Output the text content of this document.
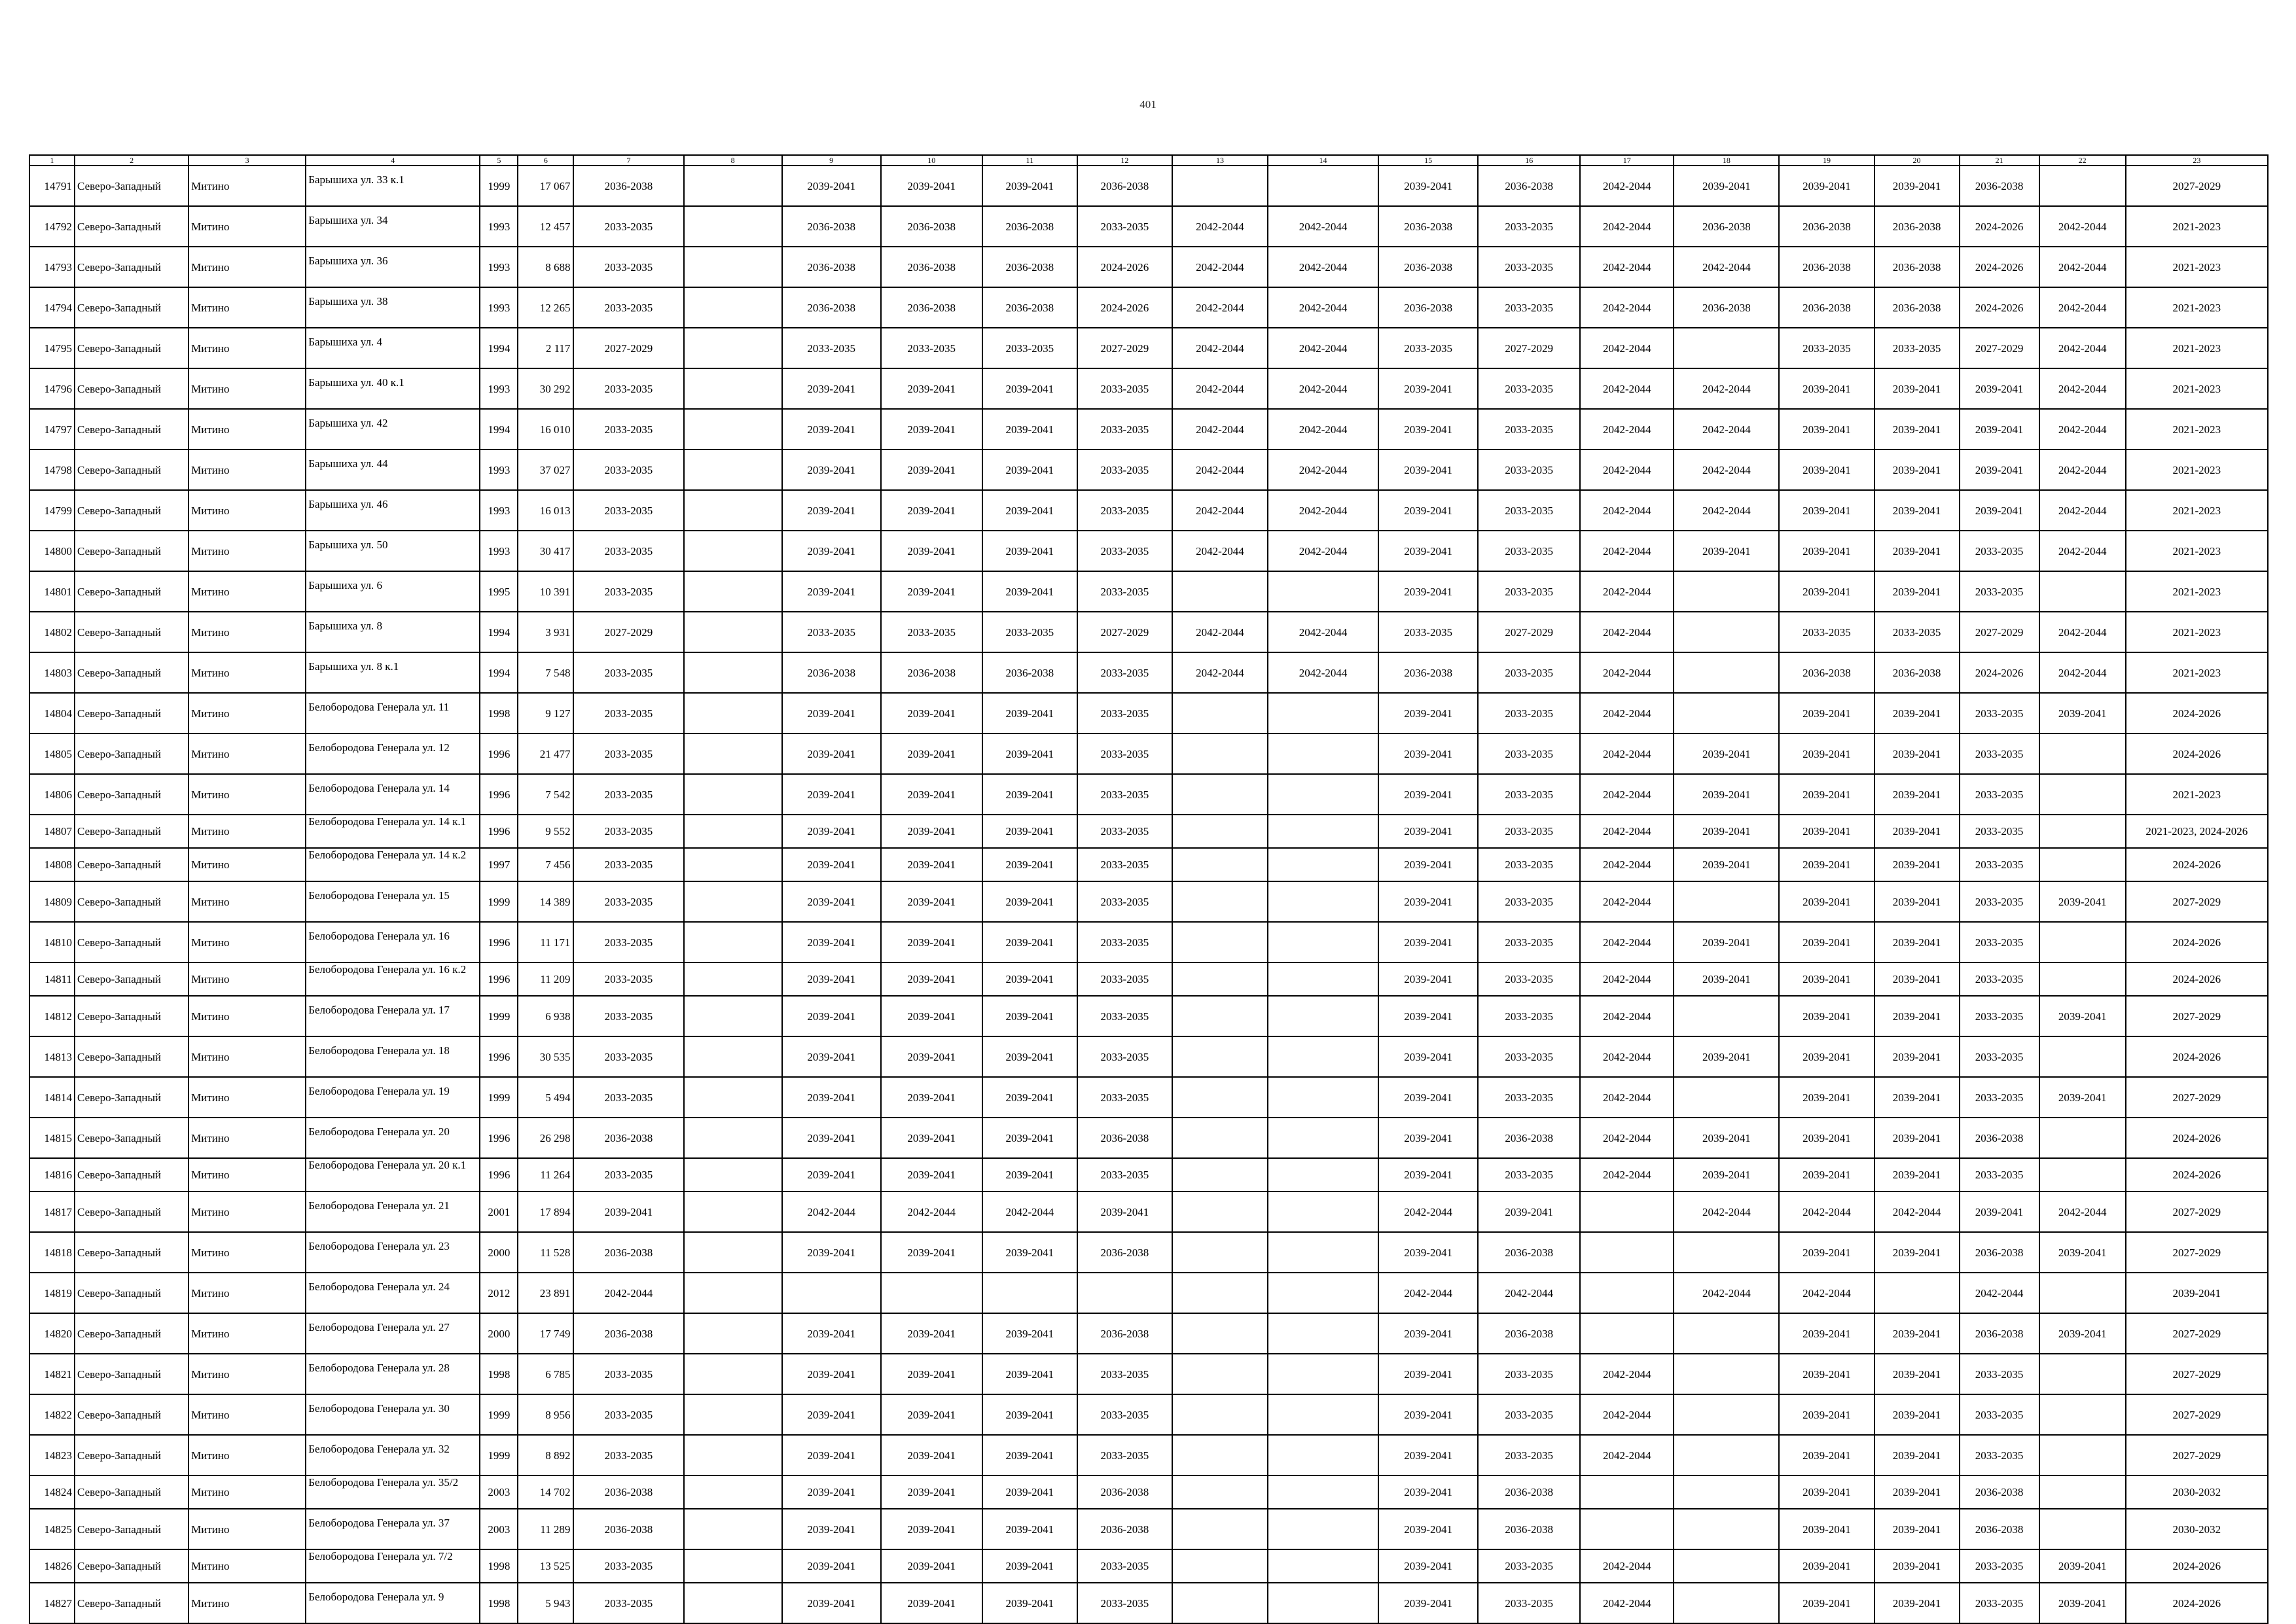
401
1	2	3	4	5	6	7	8	9	10	11	12	13	14	15	16	17	18	19	20	21	22	23
14791	Северо-Западный	Митино	Барышиха ул. 33 к.1	1999	17 067	2036-2038		2039-2041	2039-2041	2039-2041	2036-2038			2039-2041	2036-2038	2042-2044	2039-2041	2039-2041	2039-2041	2036-2038		2027-2029
14792	Северо-Западный	Митино	Барышиха ул. 34	1993	12 457	2033-2035		2036-2038	2036-2038	2036-2038	2033-2035	2042-2044	2042-2044	2036-2038	2033-2035	2042-2044	2036-2038	2036-2038	2036-2038	2024-2026	2042-2044	2021-2023
14793	Северо-Западный	Митино	Барышиха ул. 36	1993	8 688	2033-2035		2036-2038	2036-2038	2036-2038	2024-2026	2042-2044	2042-2044	2036-2038	2033-2035	2042-2044	2042-2044	2036-2038	2036-2038	2024-2026	2042-2044	2021-2023
14794	Северо-Западный	Митино	Барышиха ул. 38	1993	12 265	2033-2035		2036-2038	2036-2038	2036-2038	2024-2026	2042-2044	2042-2044	2036-2038	2033-2035	2042-2044	2036-2038	2036-2038	2036-2038	2024-2026	2042-2044	2021-2023
14795	Северо-Западный	Митино	Барышиха ул. 4	1994	2 117	2027-2029		2033-2035	2033-2035	2033-2035	2027-2029	2042-2044	2042-2044	2033-2035	2027-2029	2042-2044		2033-2035	2033-2035	2027-2029	2042-2044	2021-2023
14796	Северо-Западный	Митино	Барышиха ул. 40 к.1	1993	30 292	2033-2035		2039-2041	2039-2041	2039-2041	2033-2035	2042-2044	2042-2044	2039-2041	2033-2035	2042-2044	2042-2044	2039-2041	2039-2041	2039-2041	2042-2044	2021-2023
14797	Северо-Западный	Митино	Барышиха ул. 42	1994	16 010	2033-2035		2039-2041	2039-2041	2039-2041	2033-2035	2042-2044	2042-2044	2039-2041	2033-2035	2042-2044	2042-2044	2039-2041	2039-2041	2039-2041	2042-2044	2021-2023
14798	Северо-Западный	Митино	Барышиха ул. 44	1993	37 027	2033-2035		2039-2041	2039-2041	2039-2041	2033-2035	2042-2044	2042-2044	2039-2041	2033-2035	2042-2044	2042-2044	2039-2041	2039-2041	2039-2041	2042-2044	2021-2023
14799	Северо-Западный	Митино	Барышиха ул. 46	1993	16 013	2033-2035		2039-2041	2039-2041	2039-2041	2033-2035	2042-2044	2042-2044	2039-2041	2033-2035	2042-2044	2042-2044	2039-2041	2039-2041	2039-2041	2042-2044	2021-2023
14800	Северо-Западный	Митино	Барышиха ул. 50	1993	30 417	2033-2035		2039-2041	2039-2041	2039-2041	2033-2035	2042-2044	2042-2044	2039-2041	2033-2035	2042-2044	2039-2041	2039-2041	2039-2041	2033-2035	2042-2044	2021-2023
14801	Северо-Западный	Митино	Барышиха ул. 6	1995	10 391	2033-2035		2039-2041	2039-2041	2039-2041	2033-2035			2039-2041	2033-2035	2042-2044		2039-2041	2039-2041	2033-2035		2021-2023
14802	Северо-Западный	Митино	Барышиха ул. 8	1994	3 931	2027-2029		2033-2035	2033-2035	2033-2035	2027-2029	2042-2044	2042-2044	2033-2035	2027-2029	2042-2044		2033-2035	2033-2035	2027-2029	2042-2044	2021-2023
14803	Северо-Западный	Митино	Барышиха ул. 8 к.1	1994	7 548	2033-2035		2036-2038	2036-2038	2036-2038	2033-2035	2042-2044	2042-2044	2036-2038	2033-2035	2042-2044		2036-2038	2036-2038	2024-2026	2042-2044	2021-2023
14804	Северо-Западный	Митино	Белобородова Генерала ул. 11	1998	9 127	2033-2035		2039-2041	2039-2041	2039-2041	2033-2035			2039-2041	2033-2035	2042-2044		2039-2041	2039-2041	2033-2035	2039-2041	2024-2026
14805	Северо-Западный	Митино	Белобородова Генерала ул. 12	1996	21 477	2033-2035		2039-2041	2039-2041	2039-2041	2033-2035			2039-2041	2033-2035	2042-2044	2039-2041	2039-2041	2039-2041	2033-2035		2024-2026
14806	Северо-Западный	Митино	Белобородова Генерала ул. 14	1996	7 542	2033-2035		2039-2041	2039-2041	2039-2041	2033-2035			2039-2041	2033-2035	2042-2044	2039-2041	2039-2041	2039-2041	2033-2035		2021-2023
14807	Северо-Западный	Митино	Белобородова Генерала ул. 14 к.1	1996	9 552	2033-2035		2039-2041	2039-2041	2039-2041	2033-2035			2039-2041	2033-2035	2042-2044	2039-2041	2039-2041	2039-2041	2033-2035		2021-2023, 2024-2026
14808	Северо-Западный	Митино	Белобородова Генерала ул. 14 к.2	1997	7 456	2033-2035		2039-2041	2039-2041	2039-2041	2033-2035			2039-2041	2033-2035	2042-2044	2039-2041	2039-2041	2039-2041	2033-2035		2024-2026
14809	Северо-Западный	Митино	Белобородова Генерала ул. 15	1999	14 389	2033-2035		2039-2041	2039-2041	2039-2041	2033-2035			2039-2041	2033-2035	2042-2044		2039-2041	2039-2041	2033-2035	2039-2041	2027-2029
14810	Северо-Западный	Митино	Белобородова Генерала ул. 16	1996	11 171	2033-2035		2039-2041	2039-2041	2039-2041	2033-2035			2039-2041	2033-2035	2042-2044	2039-2041	2039-2041	2039-2041	2033-2035		2024-2026
14811	Северо-Западный	Митино	Белобородова Генерала ул. 16 к.2	1996	11 209	2033-2035		2039-2041	2039-2041	2039-2041	2033-2035			2039-2041	2033-2035	2042-2044	2039-2041	2039-2041	2039-2041	2033-2035		2024-2026
14812	Северо-Западный	Митино	Белобородова Генерала ул. 17	1999	6 938	2033-2035		2039-2041	2039-2041	2039-2041	2033-2035			2039-2041	2033-2035	2042-2044		2039-2041	2039-2041	2033-2035	2039-2041	2027-2029
14813	Северо-Западный	Митино	Белобородова Генерала ул. 18	1996	30 535	2033-2035		2039-2041	2039-2041	2039-2041	2033-2035			2039-2041	2033-2035	2042-2044	2039-2041	2039-2041	2039-2041	2033-2035		2024-2026
14814	Северо-Западный	Митино	Белобородова Генерала ул. 19	1999	5 494	2033-2035		2039-2041	2039-2041	2039-2041	2033-2035			2039-2041	2033-2035	2042-2044		2039-2041	2039-2041	2033-2035	2039-2041	2027-2029
14815	Северо-Западный	Митино	Белобородова Генерала ул. 20	1996	26 298	2036-2038		2039-2041	2039-2041	2039-2041	2036-2038			2039-2041	2036-2038	2042-2044	2039-2041	2039-2041	2039-2041	2036-2038		2024-2026
14816	Северо-Западный	Митино	Белобородова Генерала ул. 20 к.1	1996	11 264	2033-2035		2039-2041	2039-2041	2039-2041	2033-2035			2039-2041	2033-2035	2042-2044	2039-2041	2039-2041	2039-2041	2033-2035		2024-2026
14817	Северо-Западный	Митино	Белобородова Генерала ул. 21	2001	17 894	2039-2041		2042-2044	2042-2044	2042-2044	2039-2041			2042-2044	2039-2041		2042-2044	2042-2044	2042-2044	2039-2041	2042-2044	2027-2029
14818	Северо-Западный	Митино	Белобородова Генерала ул. 23	2000	11 528	2036-2038		2039-2041	2039-2041	2039-2041	2036-2038			2039-2041	2036-2038			2039-2041	2039-2041	2036-2038	2039-2041	2027-2029
14819	Северо-Западный	Митино	Белобородова Генерала ул. 24	2012	23 891	2042-2044								2042-2044	2042-2044		2042-2044	2042-2044		2042-2044		2039-2041
14820	Северо-Западный	Митино	Белобородова Генерала ул. 27	2000	17 749	2036-2038		2039-2041	2039-2041	2039-2041	2036-2038			2039-2041	2036-2038			2039-2041	2039-2041	2036-2038	2039-2041	2027-2029
14821	Северо-Западный	Митино	Белобородова Генерала ул. 28	1998	6 785	2033-2035		2039-2041	2039-2041	2039-2041	2033-2035			2039-2041	2033-2035	2042-2044		2039-2041	2039-2041	2033-2035		2027-2029
14822	Северо-Западный	Митино	Белобородова Генерала ул. 30	1999	8 956	2033-2035		2039-2041	2039-2041	2039-2041	2033-2035			2039-2041	2033-2035	2042-2044		2039-2041	2039-2041	2033-2035		2027-2029
14823	Северо-Западный	Митино	Белобородова Генерала ул. 32	1999	8 892	2033-2035		2039-2041	2039-2041	2039-2041	2033-2035			2039-2041	2033-2035	2042-2044		2039-2041	2039-2041	2033-2035		2027-2029
14824	Северо-Западный	Митино	Белобородова Генерала ул. 35/2	2003	14 702	2036-2038		2039-2041	2039-2041	2039-2041	2036-2038			2039-2041	2036-2038			2039-2041	2039-2041	2036-2038		2030-2032
14825	Северо-Западный	Митино	Белобородова Генерала ул. 37	2003	11 289	2036-2038		2039-2041	2039-2041	2039-2041	2036-2038			2039-2041	2036-2038			2039-2041	2039-2041	2036-2038		2030-2032
14826	Северо-Западный	Митино	Белобородова Генерала ул. 7/2	1998	13 525	2033-2035		2039-2041	2039-2041	2039-2041	2033-2035			2039-2041	2033-2035	2042-2044		2039-2041	2039-2041	2033-2035	2039-2041	2024-2026
14827	Северо-Западный	Митино	Белобородова Генерала ул. 9	1998	5 943	2033-2035		2039-2041	2039-2041	2039-2041	2033-2035			2039-2041	2033-2035	2042-2044		2039-2041	2039-2041	2033-2035	2039-2041	2024-2026
